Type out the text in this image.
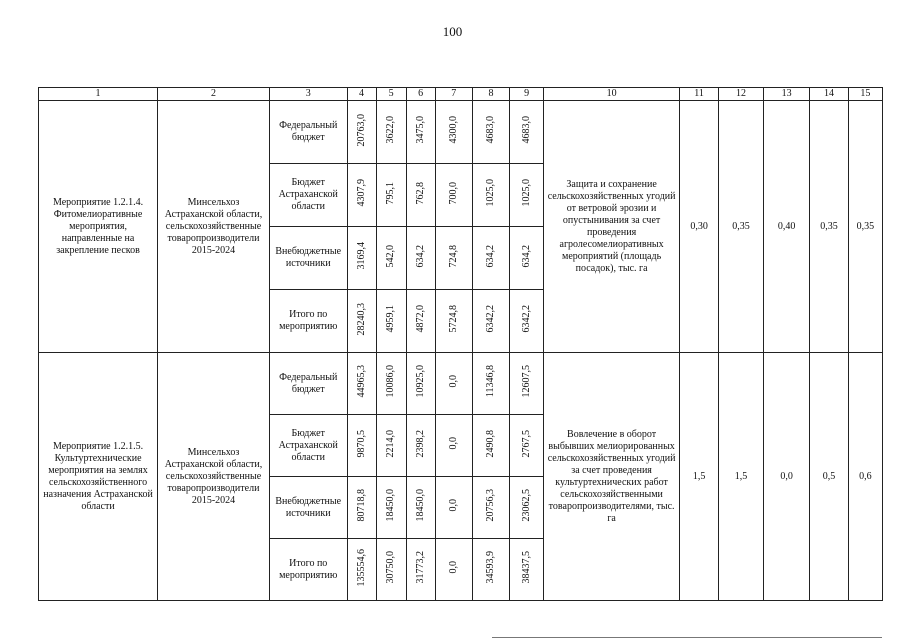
100
1	2	3	4	5	6	7	8	9	10	11	12	13	14	15
Мероприятие 1.2.1.4. Фитомелиоративные мероприятия, направленные на закрепление песков	Минсельхоз Астраханской области, сельскохозяйственные товаропроизводители 2015-2024	Федеральный бюджет	20763,0	3622,0	3475,0	4300,0	4683,0	4683,0	Защита и сохранение сельскохозяйственных угодий от ветровой эрозии и опустынивания за счет проведения агролесомелиоративных мероприятий (площадь посадок), тыс. га	0,30	0,35	0,40	0,35	0,35
		Бюджет Астраханской области	4307,9	795,1	762,8	700,0	1025,0	1025,0						
		Внебюджетные источники	3169,4	542,0	634,2	724,8	634,2	634,2						
		Итого по мероприятию	28240,3	4959,1	4872,0	5724,8	6342,2	6342,2						
Мероприятие 1.2.1.5. Культуртехнические мероприятия на землях сельскохозяйственного назначения Астраханской области	Минсельхоз Астраханской области, сельскохозяйственные товаропроизводители 2015-2024	Федеральный бюджет	44965,3	10086,0	10925,0	0,0	11346,8	12607,5	Вовлечение в оборот выбывших мелиорированных сельскохозяйственных угодий за счет проведения культуртехнических работ сельскохозяйственными товаропроизводителями, тыс. га	1,5	1,5	0,0	0,5	0,6
		Бюджет Астраханской области	9870,5	2214,0	2398,2	0,0	2490,8	2767,5						
		Внебюджетные источники	80718,8	18450,0	18450,0	0,0	20756,3	23062,5						
		Итого по мероприятию	135554,6	30750,0	31773,2	0,0	34593,9	38437,5						
